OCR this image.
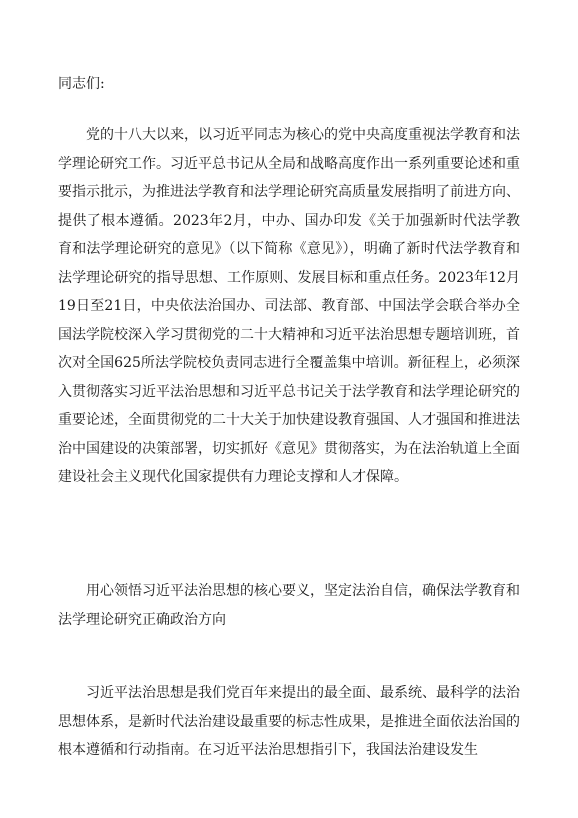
同志们:

党的十八大以来，以习近平同志为核心的党中央高度重视法学教育和法学理论研究工作。习近平总书记从全局和战略高度作出一系列重要论述和重要指示批示，为推进法学教育和法学理论研究高质量发展指明了前进方向、提供了根本遵循。2023年2月，中办、国办印发《关于加强新时代法学教育和法学理论研究的意见》（以下简称《意见》），明确了新时代法学教育和法学理论研究的指导思想、工作原则、发展目标和重点任务。2023年12月19日至21日，中央依法治国办、司法部、教育部、中国法学会联合举办全国法学院校深入学习贯彻党的二十大精神和习近平法治思想专题培训班，首次对全国625所法学院校负责同志进行全覆盖集中培训。新征程上，必须深入贯彻落实习近平法治思想和习近平总书记关于法学教育和法学理论研究的重要论述，全面贯彻党的二十大关于加快建设教育强国、人才强国和推进法治中国建设的决策部署，切实抓好《意见》贯彻落实，为在法治轨道上全面建设社会主义现代化国家提供有力理论支撑和人才保障。

用心领悟习近平法治思想的核心要义，坚定法治自信，确保法学教育和法学理论研究正确政治方向

习近平法治思想是我们党百年来提出的最全面、最系统、最科学的法治思想体系，是新时代法治建设最重要的标志性成果，是推进全面依法治国的根本遵循和行动指南。在习近平法治思想指引下，我国法治建设发生
